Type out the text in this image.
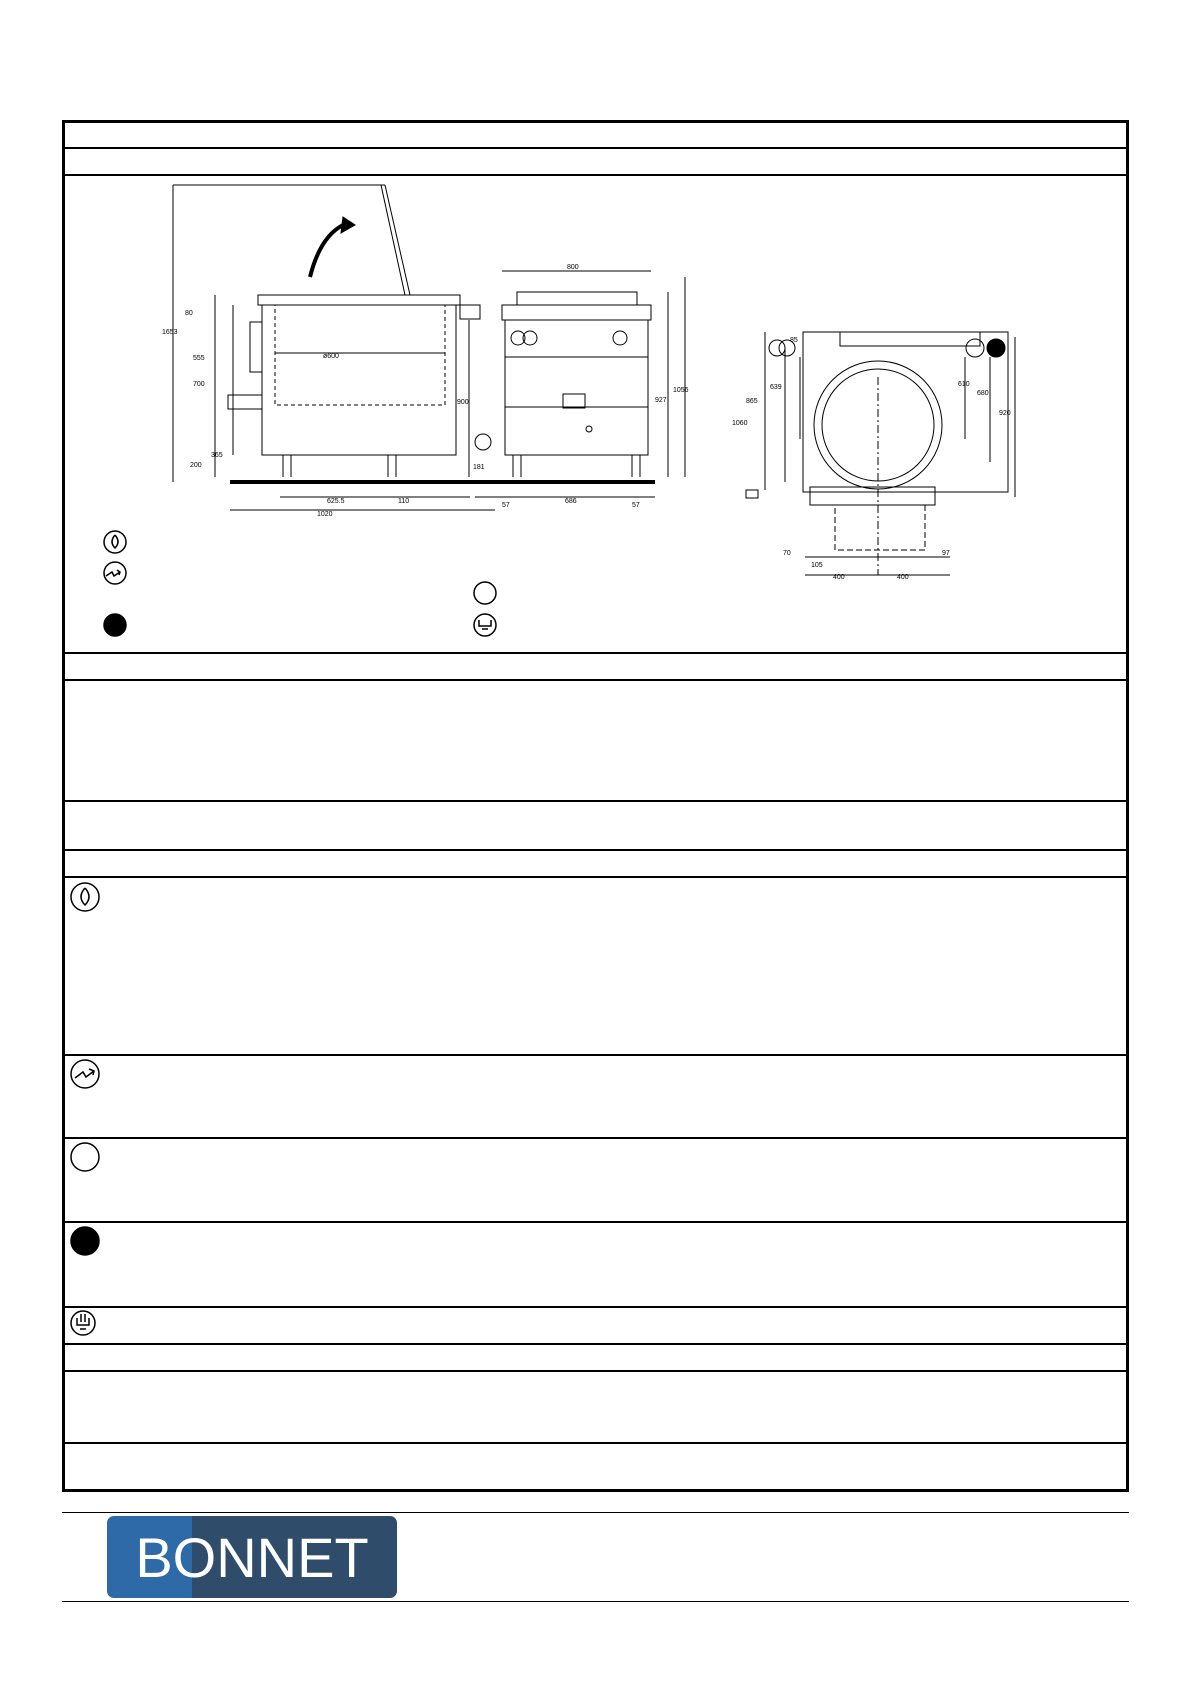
1653
80
555
700
365
200
ø600
625.5	110
1020
800
900
1056
927
181
57
686
57
85
639
865
1060
610
680
920
70
105
400	400
97
BONNET
